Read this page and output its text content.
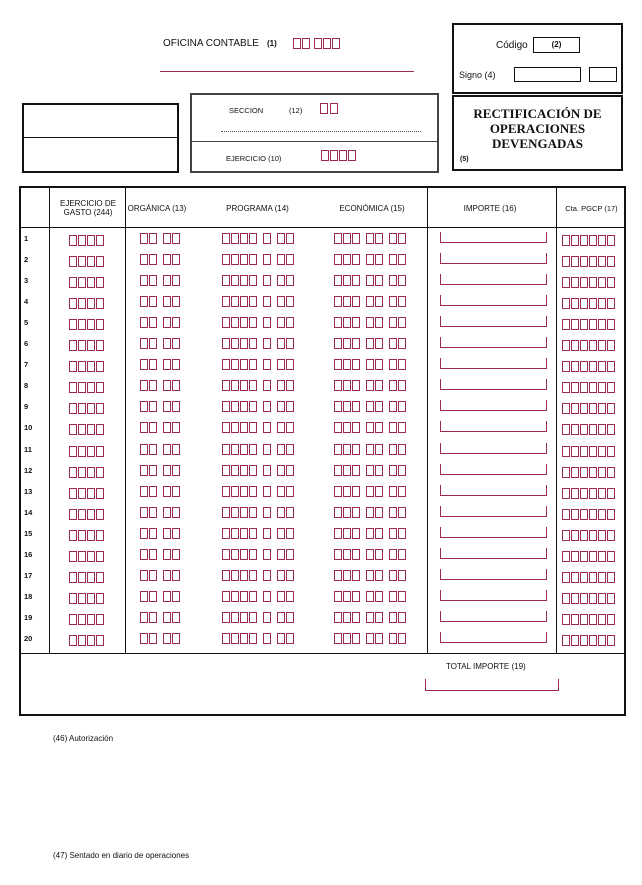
OFICINA CONTABLE (1)	Código	(2)
Signo (4)
SECCION	(12)
EJERCICIO (10)
RECTIFICACIÓN DE OPERACIONES DEVENGADAS
(5)
EJERCICIO DE GASTO (244)	ORGÁNICA (13)	PROGRAMA (14)	ECONÓMICA (15)	IMPORTE (16)	Cta. PGCP (17)
1
2
3
4
5
6
7
8
9
10
11
12
13
14
15
16
17
18
19
20
TOTAL IMPORTE (19)
(46) Autorización
(47) Sentado en diario de operaciones
